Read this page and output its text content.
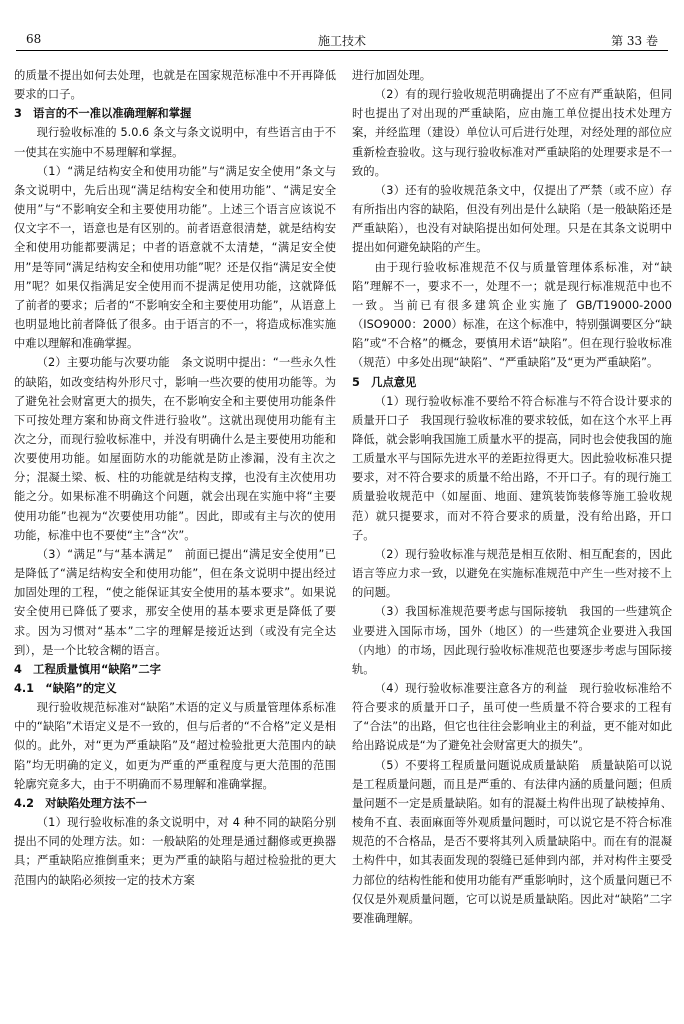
68	施工技术	第 33 卷

的质量不提出如何去处理，也就是在国家规范标准中不开再降低要求的口子。

3　语言的不一准以准确理解和掌握

现行验收标准的 5.0.6 条文与条文说明中，有些语言由于不一使其在实施中不易理解和掌握。

（1）“满足结构安全和使用功能”与“满足安全使用”条文与条文说明中，先后出现“满足结构安全和使用功能”、“满足安全使用”与“不影响安全和主要使用功能”。上述三个语言应该说不仅文字不一，语意也是有区别的。前者语意很清楚，就是结构安全和使用功能都要满足；中者的语意就不太清楚，“满足安全使用”是等同“满足结构安全和使用功能”呢？还是仅指“满足安全使用”呢？如果仅指满足安全使用而不提满足使用功能，这就降低了前者的要求；后者的“不影响安全和主要使用功能”，从语意上也明显地比前者降低了很多。由于语言的不一，将造成标准实施中难以理解和准确掌握。

（2）主要功能与次要功能　条文说明中提出：“一些永久性的缺陷，如改变结构外形尺寸，影响一些次要的使用功能等。为了避免社会财富更大的损失，在不影响安全和主要使用功能条件下可按处理方案和协商文件进行验收”。这就出现使用功能有主次之分，而现行验收标准中，并没有明确什么是主要使用功能和次要使用功能。如屋面防水的功能就是防止渗漏，没有主次之分；混凝土梁、板、柱的功能就是结构支撑，也没有主次使用功能之分。如果标准不明确这个问题，就会出现在实施中将“主要使用功能”也视为“次要使用功能”。因此，即或有主与次的使用功能，标准中也不要使“主”含“次”。

（3）“满足”与“基本满足”　前面已提出“满足安全使用”已是降低了“满足结构安全和使用功能”，但在条文说明中提出经过加固处理的工程，“使之能保证其安全使用的基本要求”。如果说安全使用已降低了要求，那安全使用的基本要求更是降低了要求。因为习惯对“基本”二字的理解是接近达到（或没有完全达到），是一个比较含糊的语言。

4　工程质量慎用“缺陷”二字

4.1　“缺陷”的定义

现行验收规范标准对“缺陷”术语的定义与质量管理体系标准中的“缺陷”术语定义是不一致的，但与后者的“不合格”定义是相似的。此外，对“更为严重缺陷”及“超过检验批更大范围内的缺陷”均无明确的定义，如更为严重的严重程度与更大范围的范围轮廓究竟多大，由于不明确而不易理解和准确掌握。

4.2　对缺陷处理方法不一

（1）现行验收标准的条文说明中，对 4 种不同的缺陷分别提出不同的处理方法。如：一般缺陷的处理是通过翻修或更换器具；严重缺陷应推倒重来；更为严重的缺陷与超过检验批的更大范围内的缺陷必须按一定的技术方案

进行加固处理。

（2）有的现行验收规范明确提出了不应有严重缺陷，但同时也提出了对出现的严重缺陷，应由施工单位提出技术处理方案，并经监理（建设）单位认可后进行处理，对经处理的部位应重新检查验收。这与现行验收标准对严重缺陷的处理要求是不一致的。

（3）还有的验收规范条文中，仅提出了严禁（或不应）存有所指出内容的缺陷，但没有列出是什么缺陷（是一般缺陷还是严重缺陷），也没有对缺陷提出如何处理。只是在其条文说明中提出如何避免缺陷的产生。

由于现行验收标准规范不仅与质量管理体系标准，对“缺陷”理解不一，要求不一，处理不一；就是现行标准规范中也不一致。当前已有很多建筑企业实施了 GB/T19000-2000（ISO9000：2000）标准，在这个标准中，特别强调要区分“缺陷”或“不合格”的概念，要慎用术语“缺陷”。但在现行验收标准（规范）中多处出现“缺陷”、“严重缺陷”及“更为严重缺陷”。

5　几点意见

（1）现行验收标准不要给不符合标准与不符合设计要求的质量开口子　我国现行验收标准的要求较低，如在这个水平上再降低，就会影响我国施工质量水平的提高，同时也会使我国的施工质量水平与国际先进水平的差距拉得更大。因此验收标准只提要求，对不符合要求的质量不给出路，不开口子。有的现行施工质量验收规范中（如屋面、地面、建筑装饰装修等施工验收规范）就只提要求，而对不符合要求的质量，没有给出路，开口子。

（2）现行验收标准与规范是相互依附、相互配套的，因此语言等应力求一致，以避免在实施标准规范中产生一些对接不上的问题。

（3）我国标准规范要考虑与国际接轨　我国的一些建筑企业要进入国际市场，国外（地区）的一些建筑企业要进入我国（内地）的市场，因此现行验收标准规范也要逐步考虑与国际接轨。

（4）现行验收标准要注意各方的利益　现行验收标准给不符合要求的质量开口子，虽可使一些质量不符合要求的工程有了“合法”的出路，但它也往往会影响业主的利益，更不能对如此给出路说成是“为了避免社会财富更大的损失”。

（5）不要将工程质量问题说成质量缺陷　质量缺陷可以说是工程质量问题，而且是严重的、有法律内涵的质量问题；但质量问题不一定是质量缺陷。如有的混凝土构件出现了缺棱掉角、棱角不直、表面麻面等外观质量问题时，可以说它是不符合标准规范的不合格品，是否不要将其列入质量缺陷中。而在有的混凝土构件中，如其表面发现的裂缝已延伸到内部，并对构件主要受力部位的结构性能和使用功能有严重影响时，这个质量问题已不仅仅是外观质量问题，它可以说是质量缺陷。因此对“缺陷”二字要准确理解。
